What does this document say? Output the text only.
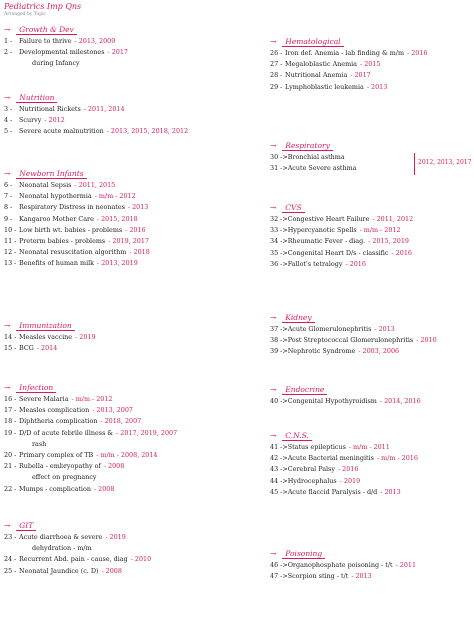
Pediatrics Imp Qns
Arranged by Topic
→ Growth & Dev
1 - Failure to thrive - 2013, 2009
2 - Developmental milestones - 2017
during Infancy
→ Nutrition
3 - Nutritional Rickets - 2011, 2014
4 - Scurvy - 2012
5 - Severe acute malnutrition - 2013, 2015, 2018, 2012
→ Newborn Infants
6 - Neonatal Sepsis - 2011, 2015
7 - Neonatal hypothermia - m/m - 2012
8 - Respiratory Distress in neonates - 2013
9 - Kangaroo Mother Care - 2015, 2018
10 - Low birth wt. babies - problems - 2016
11 - Preterm babies - problems - 2019, 2017
12 - Neonatal resuscitation algorithm - 2018
13 - Benefits of human milk - 2013, 2019
→ Immunization
14 - Measles vaccine - 2019
15 - BCG - 2014
→ Infection
16 - Severe Malaria - m/m - 2012
17 - Measles complication - 2013, 2007
18 - Diphtheria complication - 2018, 2007
19 - D/D of acute febrile illness & - 2017, 2019, 2007
rash
20 - Primary complex of TB - m/m - 2008, 2014
21 - Rubella - embryopathy of - 2008
effect on pregnancy
22 - Mumps - complication - 2008
→ GIT
23 - Acute diarrhoea & severe - 2019
dehydration - m/m
24 - Recurrent Abd. pain - cause, diag - 2010
25 - Neonatal Jaundice (c. D) - 2008
→ Hematological
26 - Iron def. Anemia - lab finding & m/m - 2016
27 - Megaloblastic Anemia - 2015
28 - Nutritional Anemia - 2017
29 - Lymphoblastic leukemia - 2013
→ Respiratory
30 ->Bronchial asthma
31 ->Acute Severe asthma
2012, 2013, 2017
→ CVS
32 ->Congestive Heart Failure - 2011, 2012
33 ->Hypercyanotic Spells - m/m - 2012
34 ->Rheumatic Fever - diag. - 2015, 2019
35 ->Congenital Heart D/s - classific - 2016
36 ->Fallot's tetralogy - 2016
→ Kidney
37 ->Acute Glomerulonephritis - 2013
38 ->Post Streptococcal Glomerulonephritis - 2010
39 ->Nephrotic Syndrome - 2003, 2006
→ Endocrine
40 ->Congenital Hypothyroidism - 2014, 2016
→ C.N.S.
41 ->Status epilepticus - m/m - 2011
42 ->Acute Bacterial meningitis - m/m - 2016
43 ->Cerebral Palsy - 2016
44 ->Hydrocephalus - 2019
45 ->Acute flaccid Paralysis - d/d - 2013
→ Poisoning
46 ->Organophosphate poisoning - t/t - 2011
47 ->Scorpion sting - t/t - 2013
